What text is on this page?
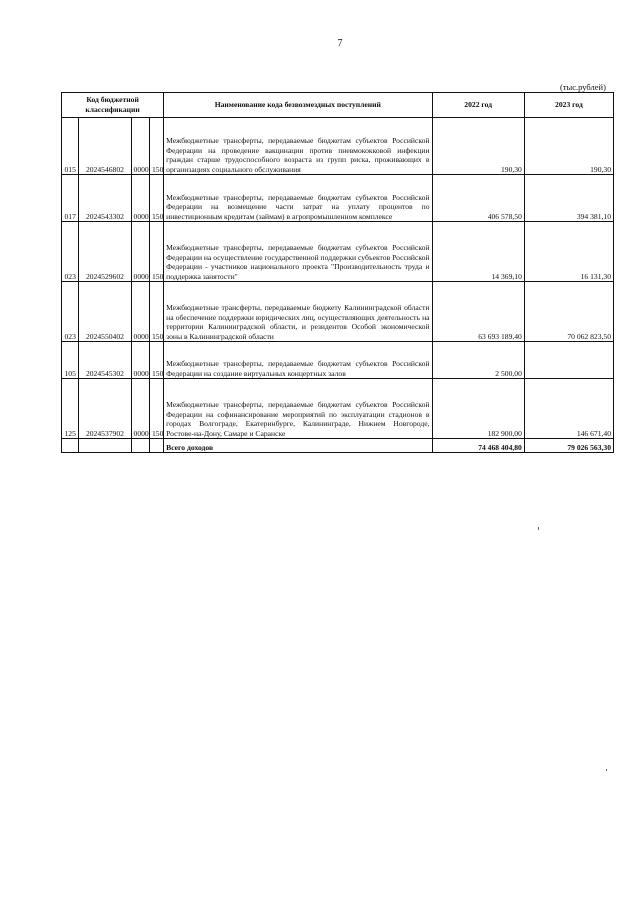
7
(тыс.рублей)
Код бюджетной классификации				Наименование кода безвозмездных поступлений	2022 год	2023 год
015	2024546802	0000	150	Межбюджетные трансферты, передаваемые бюджетам субъектов Российской Федерации на проведение вакцинации против пневмококковой инфекции граждан старше трудоспособного возраста из групп риска, проживающих в организациях социального обслуживания	190,30	190,30
017	2024543302	0000	150	Межбюджетные трансферты, передаваемые бюджетам субъектов Российской Федерации на возмещение части затрат на уплату процентов по инвестиционным кредитам (займам) в агропромышленном комплексе	406 578,50	394 381,10
023	2024529602	0000	150	Межбюджетные трансферты, передаваемые бюджетам субъектов Российской Федерации на осуществление государственной поддержки субъектов Российской Федерации - участников национального проекта "Производительность труда и поддержка занятости"	14 369,10	16 131,30
023	2024550402	0000	150	Межбюджетные трансферты, передаваемые бюджету Калининградской области на обеспечение поддержки юридических лиц, осуществляющих деятельность на территории Калининградской области, и резидентов Особой экономической зоны в Калининградской области	63 693 189,40	70 062 823,50
105	2024545302	0000	150	Межбюджетные трансферты, передаваемые бюджетам субъектов Российской Федерации на создание виртуальных концертных залов	2 500,00	
125	2024537902	0000	150	Межбюджетные трансферты, передаваемые бюджетам субъектов Российской Федерации на софинансирование мероприятий по эксплуатации стадионов в городах Волгограде, Екатеринбурге, Калининграде, Нижнем Новгороде, Ростове-на-Дону, Самаре и Саранске	182 900,00	146 671,40
				Всего доходов	74 468 404,80	79 026 563,30
